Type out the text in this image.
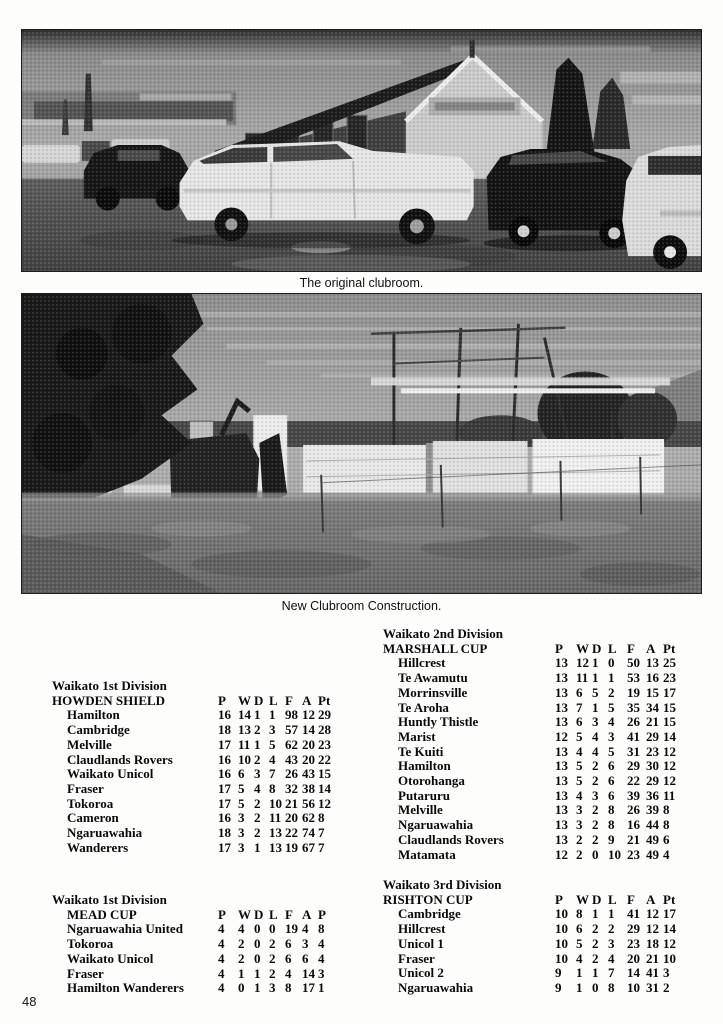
The original clubroom.
New Clubroom Construction.
Waikato 1st Division
HOWDEN SHIELD	P W D L F A Pt
Hamilton	16 14 1 1 98 12 29
Cambridge	18 13 2 3 57 14 28
Melville	17 11 1 5 62 20 23
Claudlands Rovers	16 10 2 4 43 20 22
Waikato Unicol	16 6 3 7 26 43 15
Fraser	17 5 4 8 32 38 14
Tokoroa	17 5 2 10 21 56 12
Cameron	16 3 2 11 20 62 8
Ngaruawahia	18 3 2 13 22 74 7
Wanderers	17 3 1 13 19 67 7
Waikato 2nd Division
MARSHALL CUP	P	W D L F A Pt
Hillcrest	13 12 1 0 50 13 25
Te Awamutu	13 11 1 1 53 16 23
Morrinsville	13 6 5 2 19 15 17
Te Aroha	13 7 1 5 35 34 15
Huntly Thistle	13 6 3 4 26 21 15
Marist	12 5 4 3 41 29 14
Te Kuiti	13 4 4 5 31 23 12
Hamilton	13 5 2 6 29 30 12
Otorohanga	13 5 2 6 22 29 12
Putaruru	13 4 3 6 39 36 11
Melville	13 3 2 8 26 39 8
Ngaruawahia	13 3 2 8 16 44 8
Claudlands Rovers	13 2 2 9 21 49 6
Matamata	12 2 0 10 23 49 4
Waikato 1st Division
MEAD CUP	P W D L F A P
Ngaruawahia United	4	4 0 0 19 4 8
Tokoroa	4	2 0 2 6 3 4
Waikato Unicol	4	2 0 2 6 6 4
Fraser	4	1 1 2 4 14 3
Hamilton Wanderers	4	0 1 3 8 17 1
Waikato 3rd Division
RISHTON CUP	P	W D L F A Pt
Cambridge	10 8 1 1 41 12 17
Hillcrest	10 6 2 2 29 12 14
Unicol 1	10 5 2 3 23 18 12
Fraser	10 4 2 4 20 21 10
Unicol 2	9	1 1 7 14 41 3
Ngaruawahia	9	1 0 8 10 31 2
48
